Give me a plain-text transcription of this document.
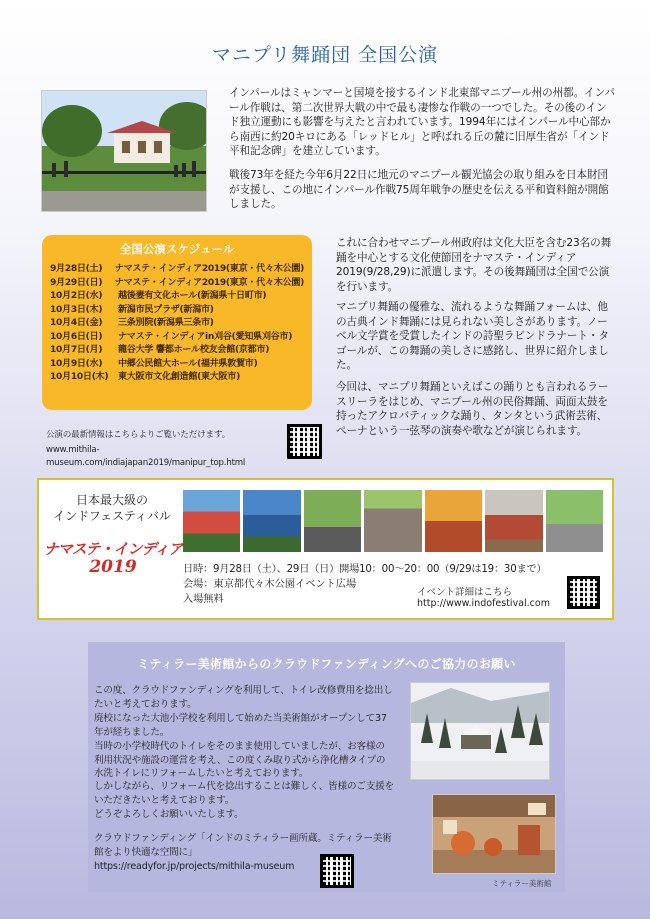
マニプリ舞踊団 全国公演
インパールはミャンマーと国境を接するインド北東部マニプール州の州都。インパール作戦は、第二次世界大戦の中で最も凄惨な作戦の一つでした。その後のインド独立運動にも影響を与えたと言われています。1994年にはインパール中心部から南西に約20キロにある「レッドヒル」と呼ばれる丘の麓に旧厚生省が「インド平和記念碑」を建立しています。
戦後73年を経た今年6月22日に地元のマニプール観光協会の取り組みを日本財団が支援し、この地にインパール作戦75周年戦争の歴史を伝える平和資料館が開館しました。
全国公演スケジュール
9月28日(土)	ナマステ・インディア2019(東京・代々木公園)
9月29日(日)	ナマステ・インディア2019(東京・代々木公園)
10月2日(水)	越後妻有文化ホール(新潟県十日町市)
10月3日(木)	新潟市民プラザ(新潟市)
10月4日(金)	三条別院(新潟県三条市)
10月6日(日)	ナマステ・インディアin刈谷(愛知県刈谷市)
10月7日(月)	龍谷大学 響都ホール校友会館(京都市)
10月9日(水)	中郷公民館大ホール(福井県敦賀市)
10月10日(木)	東大阪市文化創造館(東大阪市)
公演の最新情報はこちらよりご覧いただけます。
www.mithila-museum.com/indiajapan2019/manipur_top.html
これに合わせマニプール州政府は文化大臣を含む23名の舞踊を中心とする文化使節団をナマステ・インディア2019(9/28,29)に派遣します。その後舞踊団は全国で公演を行います。
マニプリ舞踊の優雅な、流れるような舞踊フォームは、他の古典インド舞踊には見られない美しさがあります。ノーベル文学賞を受賞したインドの詩聖ラビンドラナート・タゴールが、この舞踊の美しさに感銘し、世界に紹介しました。
今回は、マニプリ舞踊といえばこの踊りとも言われるラースリーラをはじめ、マニプール州の民俗舞踊、両面太鼓を持ったアクロバティックな踊り、タンタという武術芸術、ペーナという一弦琴の演奏や歌などが演じられます。
日本最大級の
インドフェスティバル
ナマステ・インディア
2019	日時：9月28日（土）、29日（日）開場10：00〜20：00（9/29は19：30まで）
会場：東京都代々木公園イベント広場
入場無料
イベント詳細はこちら
http://www.indofestival.com
ミティラー美術館からのクラウドファンディングへのご協力のお願い
この度、クラウドファンディングを利用して、トイレ改修費用を捻出したいと考えております。
廃校になった大池小学校を利用して始めた当美術館がオープンして37年が経ちました。
当時の小学校時代のトイレをそのまま使用していましたが、お客様の利用状況や施設の運営を考え、この度くみ取り式から浄化槽タイプの水洗トイレにリフォームしたいと考えております。
しかしながら、リフォーム代を捻出することは難しく、皆様のご支援をいただきたいと考えております。
どうぞよろしくお願いいたします。
クラウドファンディング「インドのミティラー画所蔵。ミティラー美術館をより快適な空間に」
https://readyfor.jp/projects/mithila-museum
ミティラー美術館
